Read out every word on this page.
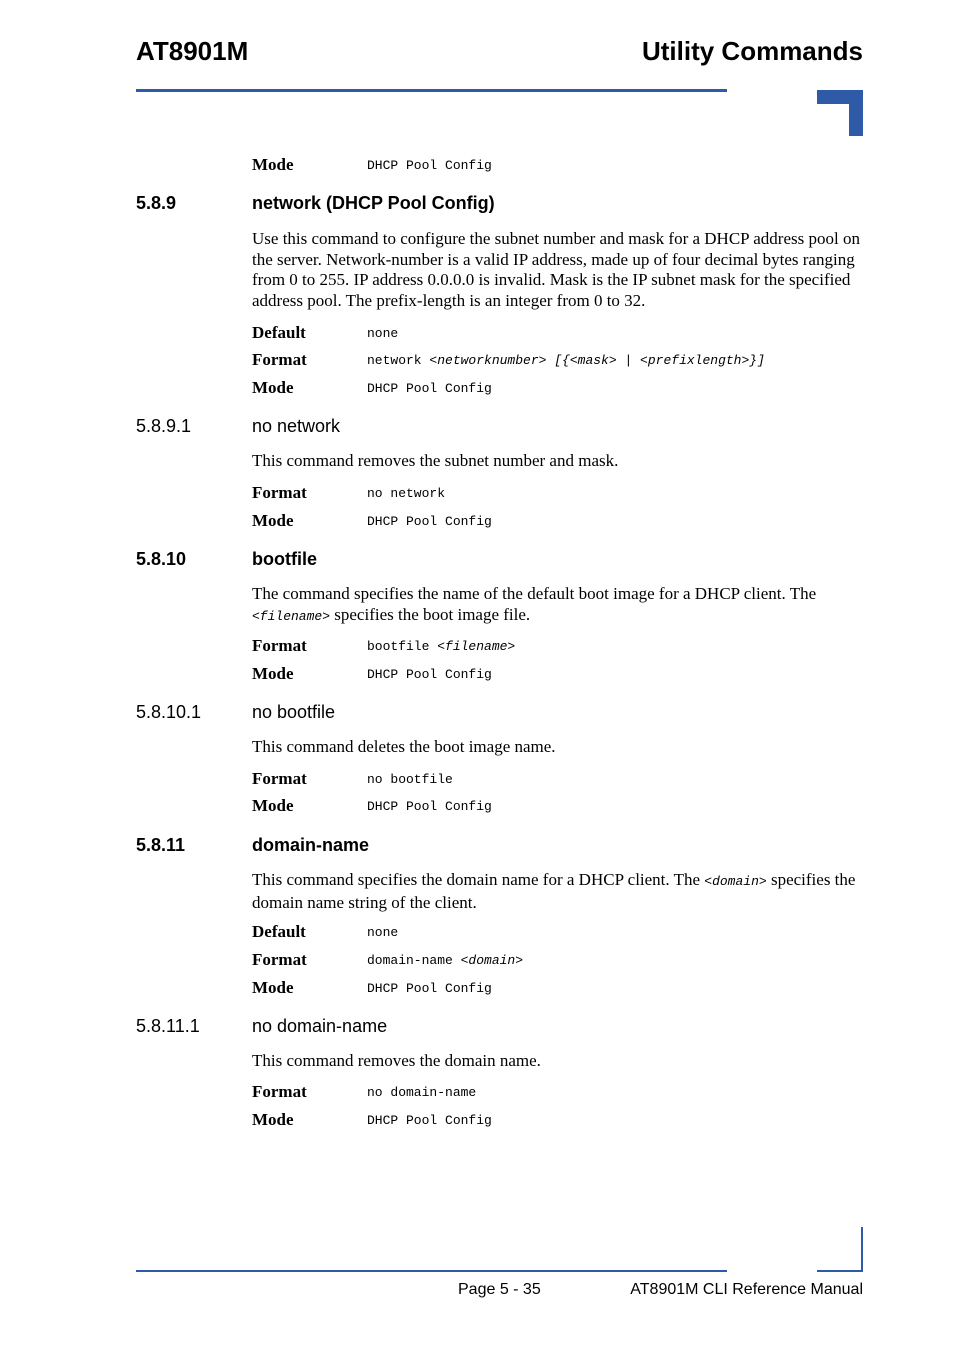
AT8901M	Utility Commands
Mode	DHCP Pool Config
5.8.9	network (DHCP Pool Config)
Use this command to configure the subnet number and mask for a DHCP address pool on the server. Network-number is a valid IP address, made up of four decimal bytes ranging from 0 to 255. IP address 0.0.0.0 is invalid. Mask is the IP subnet mask for the specified address pool. The prefix-length is an integer from 0 to 32.
Default	none
Format	network <networknumber> [{<mask> | <prefixlength>}]
Mode	DHCP Pool Config
5.8.9.1	no network
This command removes the subnet number and mask.
Format	no network
Mode	DHCP Pool Config
5.8.10	bootfile
The command specifies the name of the default boot image for a DHCP client. The <filename> specifies the boot image file.
Format	bootfile <filename>
Mode	DHCP Pool Config
5.8.10.1	no bootfile
This command deletes the boot image name.
Format	no bootfile
Mode	DHCP Pool Config
5.8.11	domain-name
This command specifies the domain name for a DHCP client. The <domain> specifies the domain name string of the client.
Default	none
Format	domain-name <domain>
Mode	DHCP Pool Config
5.8.11.1	no domain-name
This command removes the domain name.
Format	no domain-name
Mode	DHCP Pool Config
Page 5 - 35	AT8901M CLI Reference Manual
